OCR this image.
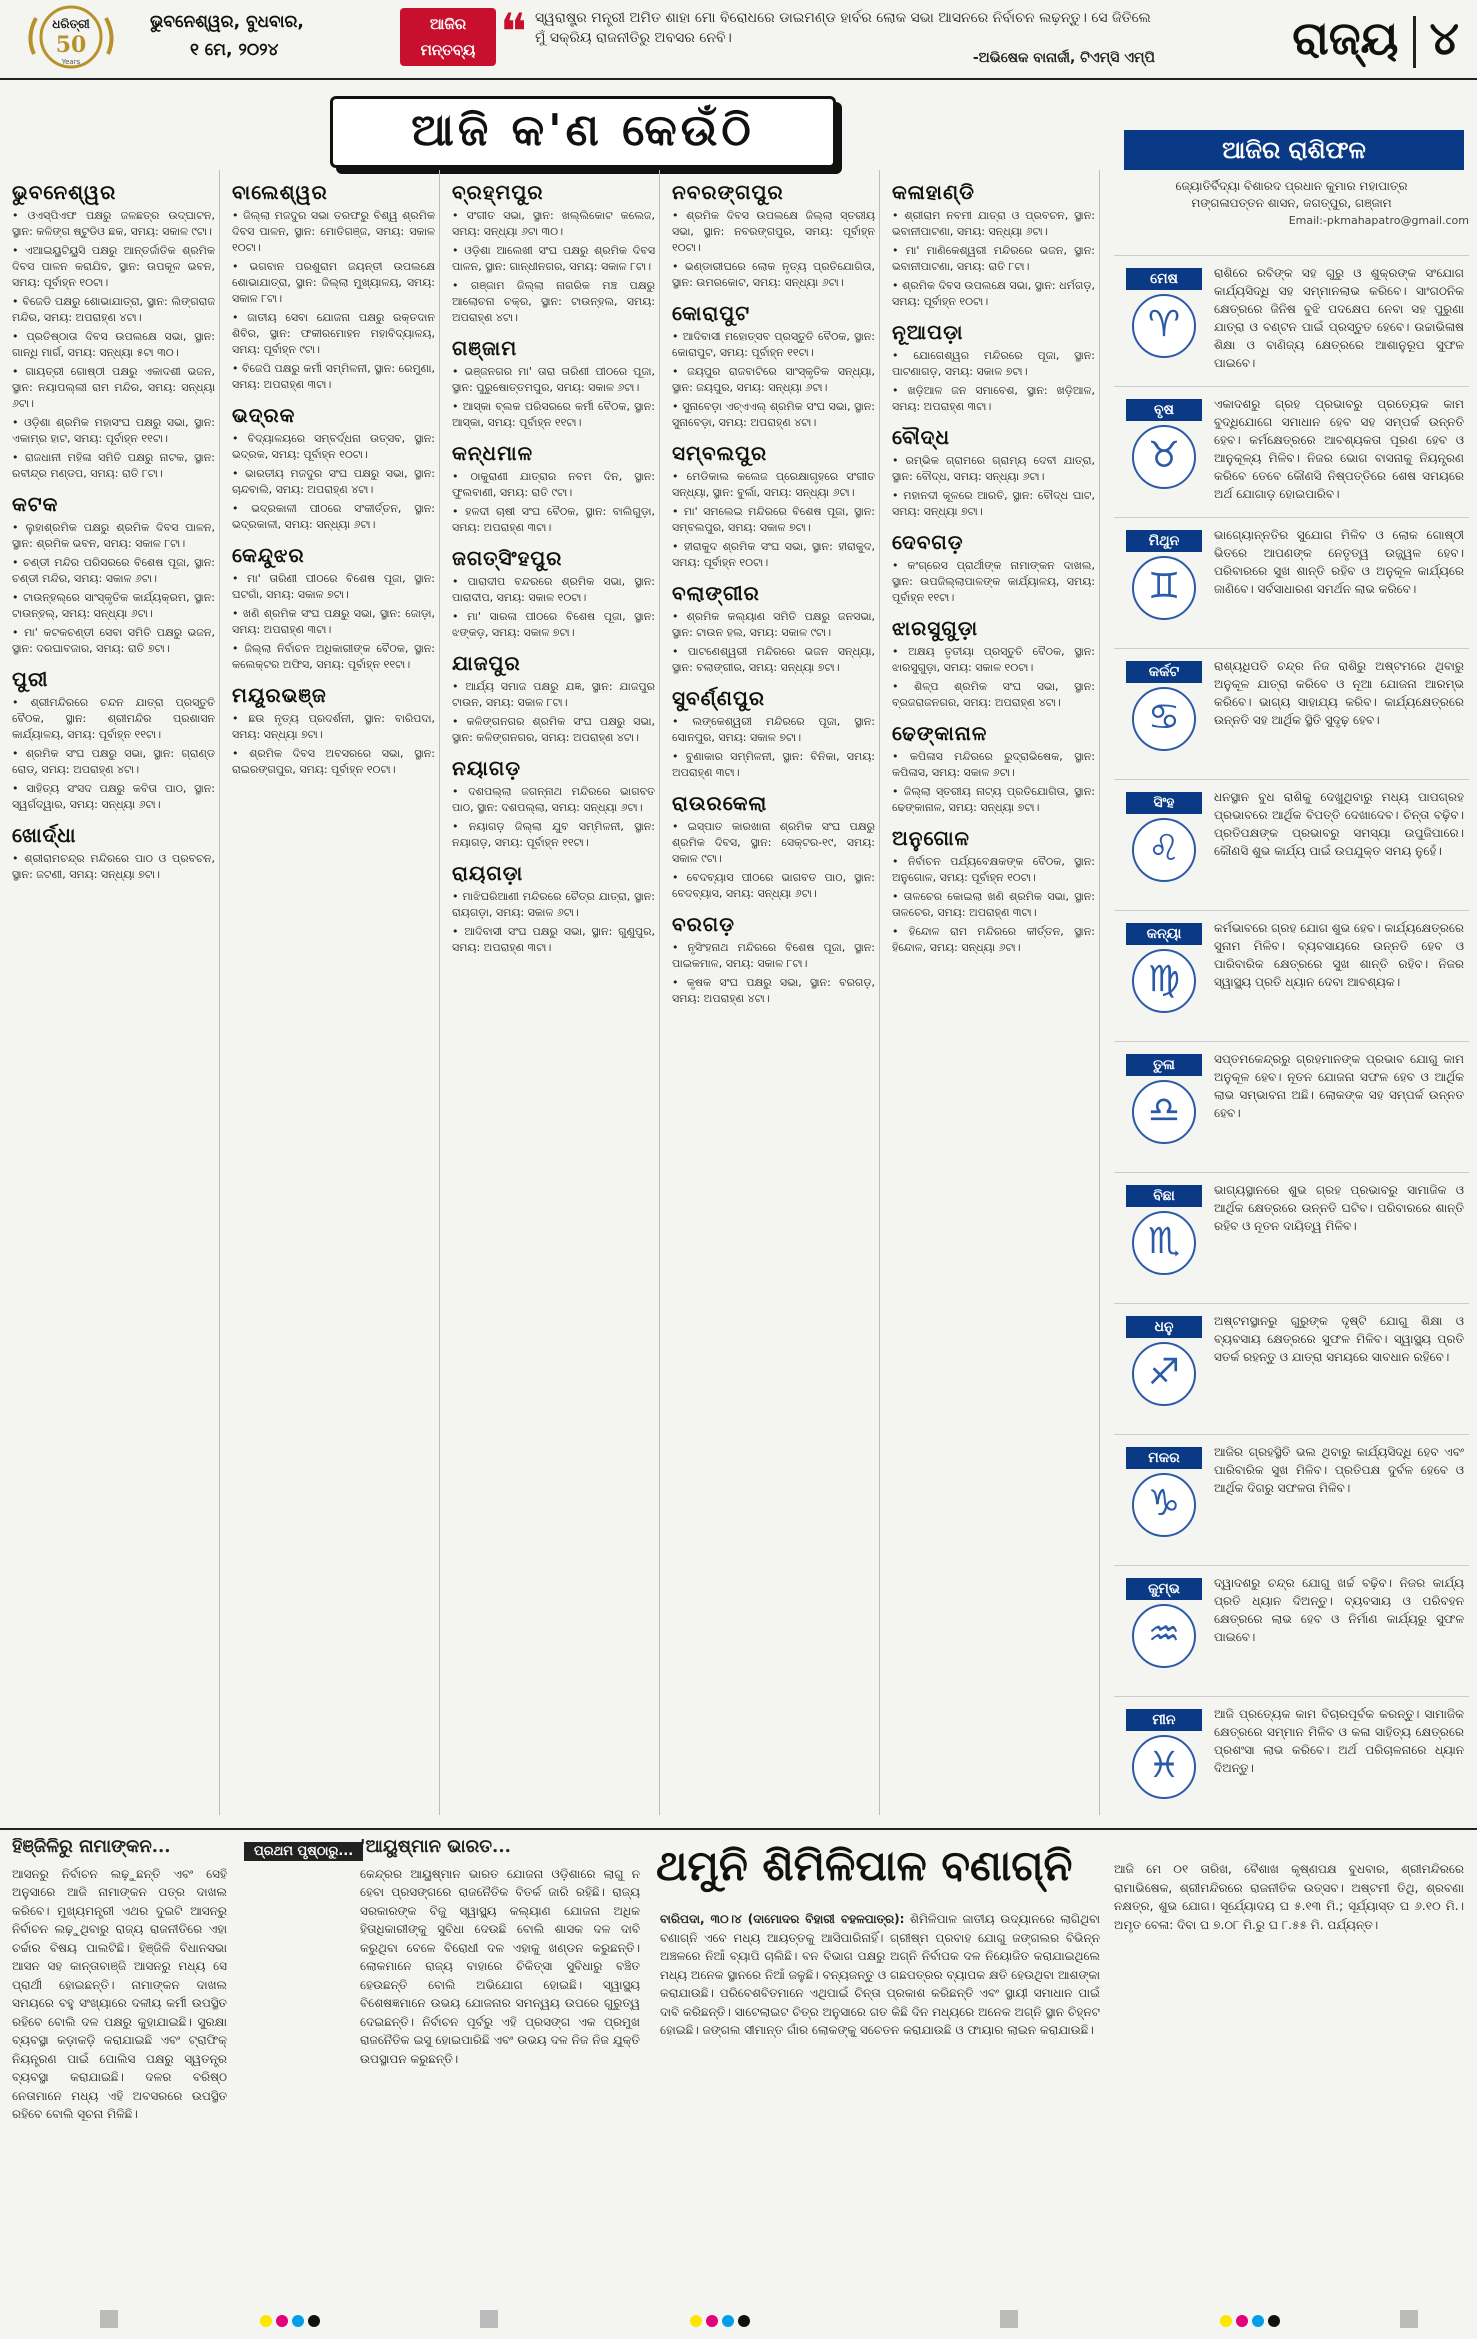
ଧରିତ୍ରୀ
50
Years
ଭୁବନେଶ୍ୱର, ବୁଧବାର,
୧ ମେ, ୨୦୨୪
ଆଜିର
ମନ୍ତବ୍ୟ ❝ ସ୍ୱରାଷ୍ଟ୍ର ମନ୍ତ୍ରୀ ଅମିତ ଶାହା ମୋ ବିରୋଧରେ ଡାଇମଣ୍ଡ ହାର୍ବର ଲୋକ ସଭା ଆସନରେ ନିର୍ବାଚନ ଲଢ଼ନ୍ତୁ। ସେ ଜିତିଲେ ମୁଁ ସକ୍ରିୟ ରାଜନୀତିରୁ ଅବସର ନେବି।
-ଅଭିଷେକ ବାନାର୍ଜୀ, ଟିଏମ୍‌ସି ଏମ୍‌ପି	ରାଜ୍ୟ ୪
ଆଜି କ'ଣ କେଉଁଠି
ଭୁବନେଶ୍ୱର

• ଓଏସ୍‌ପିଏଫ ପକ୍ଷରୁ ଜଳଛତ୍ର ଉଦ୍‌ଘାଟନ, ସ୍ଥାନ: କଳିଙ୍ଗ ଷ୍ଟୁଡିଓ ଛକ, ସମୟ: ସକାଳ ୯ଟା।

• ଏଆଇୟୁଟିୟୁସି ପକ୍ଷରୁ ଆନ୍ତର୍ଜାତିକ ଶ୍ରମିକ ଦିବସ ପାଳନ କରାଯିବ, ସ୍ଥାନ: ଉପକୂଳ ଭବନ, ସମୟ: ପୂର୍ବାହ୍ନ ୧୦ଟା।

• ବିଜେଡି ପକ୍ଷରୁ ଶୋଭାଯାତ୍ରା, ସ୍ଥାନ: ଲିଙ୍ଗରାଜ ମନ୍ଦିର, ସମୟ: ଅପରାହ୍ଣ ୪ଟା।

• ପ୍ରତିଷ୍ଠାତା ଦିବସ ଉପଲକ୍ଷେ ସଭା, ସ୍ଥାନ: ଗାନ୍ଧି ମାର୍ଗ, ସମୟ: ସନ୍ଧ୍ୟା ୫ଟା ୩୦।

• ଗାୟତ୍ରୀ ଗୋଷ୍ଠୀ ପକ୍ଷରୁ ଏକାଦଶୀ ଭଜନ, ସ୍ଥାନ: ନୟାପଲ୍ଲୀ ରାମ ମନ୍ଦିର, ସମୟ: ସନ୍ଧ୍ୟା ୬ଟା।

• ଓଡ଼ିଶା ଶ୍ରମିକ ମହାସଂଘ ପକ୍ଷରୁ ସଭା, ସ୍ଥାନ: ଏକାମ୍ର ହାଟ, ସମୟ: ପୂର୍ବାହ୍ନ ୧୧ଟା।

• ରାଜଧାନୀ ମହିଳା ସମିତି ପକ୍ଷରୁ ନାଟକ, ସ୍ଥାନ: ରବୀନ୍ଦ୍ର ମଣ୍ଡପ, ସମୟ: ରାତି ୮ଟା।

କଟକ

• ଲୁହାଶ୍ରମିକ ପକ୍ଷରୁ ଶ୍ରମିକ ଦିବସ ପାଳନ, ସ୍ଥାନ: ଶ୍ରମିକ ଭବନ, ସମୟ: ସକାଳ ୮ଟା।

• ଚଣ୍ଡୀ ମନ୍ଦିର ପରିସରରେ ବିଶେଷ ପୂଜା, ସ୍ଥାନ: ଚଣ୍ଡୀ ମନ୍ଦିର, ସମୟ: ସକାଳ ୬ଟା।

• ଟାଉନ୍‌ହଲ୍‌ରେ ସାଂସ୍କୃତିକ କାର୍ଯ୍ୟକ୍ରମ, ସ୍ଥାନ: ଟାଉନ୍‌ହଲ୍, ସମୟ: ସନ୍ଧ୍ୟା ୬ଟା।

• ମା' କଟକଚଣ୍ଡୀ ସେବା ସମିତି ପକ୍ଷରୁ ଭଜନ, ସ୍ଥାନ: ଦରଘାବଜାର, ସମୟ: ରାତି ୭ଟା।

ପୁରୀ

• ଶ୍ରୀମନ୍ଦିରରେ ଚନ୍ଦନ ଯାତ୍ରା ପ୍ରସ୍ତୁତି ବୈଠକ, ସ୍ଥାନ: ଶ୍ରୀମନ୍ଦିର ପ୍ରଶାସନ କାର୍ଯ୍ୟାଳୟ, ସମୟ: ପୂର୍ବାହ୍ନ ୧୧ଟା।

• ଶ୍ରମିକ ସଂଘ ପକ୍ଷରୁ ସଭା, ସ୍ଥାନ: ଗ୍ରାଣ୍ଡ ରୋଡ୍, ସମୟ: ଅପରାହ୍ଣ ୪ଟା।

• ସାହିତ୍ୟ ସଂସଦ ପକ୍ଷରୁ କବିତା ପାଠ, ସ୍ଥାନ: ସ୍ୱର୍ଗଦ୍ୱାର, ସମୟ: ସନ୍ଧ୍ୟା ୬ଟା।

ଖୋର୍ଦ୍ଧା

• ଶ୍ରୀରାମଚନ୍ଦ୍ର ମନ୍ଦିରରେ ପାଠ ଓ ପ୍ରବଚନ, ସ୍ଥାନ: ଜଟଣୀ, ସମୟ: ସନ୍ଧ୍ୟା ୭ଟା।

ବାଲେଶ୍ୱର

• ଜିଲ୍ଲା ମଜଦୁର ସଭା ତରଫରୁ ବିଶ୍ୱ ଶ୍ରମିକ ଦିବସ ପାଳନ, ସ୍ଥାନ: ମୋତିଗଞ୍ଜ, ସମୟ: ସକାଳ ୧୦ଟା।

• ଭଗବାନ ପରଶୁରାମ ଜୟନ୍ତୀ ଉପଲକ୍ଷେ ଶୋଭାଯାତ୍ରା, ସ୍ଥାନ: ଜିଲ୍ଲା ମୁଖ୍ୟାଳୟ, ସମୟ: ସକାଳ ୮ଟା।

• ଜାତୀୟ ସେବା ଯୋଜନା ପକ୍ଷରୁ ରକ୍ତଦାନ ଶିବିର, ସ୍ଥାନ: ଫକୀରମୋହନ ମହାବିଦ୍ୟାଳୟ, ସମୟ: ପୂର୍ବାହ୍ନ ୯ଟା।

• ବିଜେପି ପକ୍ଷରୁ କର୍ମୀ ସମ୍ମିଳନୀ, ସ୍ଥାନ: ରେମୁଣା, ସମୟ: ଅପରାହ୍ଣ ୩ଟା।

ଭଦ୍ରକ

• ବିଦ୍ୟାଳୟରେ ସମ୍ବର୍ଦ୍ଧନା ଉତ୍ସବ, ସ୍ଥାନ: ଭଦ୍ରକ, ସମୟ: ପୂର୍ବାହ୍ନ ୧୦ଟା।

• ଭାରତୀୟ ମଜଦୁର ସଂଘ ପକ୍ଷରୁ ସଭା, ସ୍ଥାନ: ଚାନ୍ଦବାଲି, ସମୟ: ଅପରାହ୍ଣ ୪ଟା।

• ଭଦ୍ରକାଳୀ ପୀଠରେ ସଂକୀର୍ତ୍ତନ, ସ୍ଥାନ: ଭଦ୍ରକାଳୀ, ସମୟ: ସନ୍ଧ୍ୟା ୬ଟା।

କେନ୍ଦୁଝର

• ମା' ତାରିଣୀ ପୀଠରେ ବିଶେଷ ପୂଜା, ସ୍ଥାନ: ଘଟଗାଁ, ସମୟ: ସକାଳ ୭ଟା।

• ଖଣି ଶ୍ରମିକ ସଂଘ ପକ୍ଷରୁ ସଭା, ସ୍ଥାନ: ଜୋଡ଼ା, ସମୟ: ଅପରାହ୍ଣ ୩ଟା।

• ଜିଲ୍ଲା ନିର୍ବାଚନ ଅଧିକାରୀଙ୍କ ବୈଠକ, ସ୍ଥାନ: କଲେକ୍ଟର ଅଫିସ, ସମୟ: ପୂର୍ବାହ୍ନ ୧୧ଟା।

ମୟୂରଭଞ୍ଜ

• ଛଉ ନୃତ୍ୟ ପ୍ରଦର୍ଶନୀ, ସ୍ଥାନ: ବାରିପଦା, ସମୟ: ସନ୍ଧ୍ୟା ୭ଟା।

• ଶ୍ରମିକ ଦିବସ ଅବସରରେ ସଭା, ସ୍ଥାନ: ରାଇରଙ୍ଗପୁର, ସମୟ: ପୂର୍ବାହ୍ନ ୧୦ଟା।

ବ୍ରହ୍ମପୁର

• ସଂଗୀତ ସଭା, ସ୍ଥାନ: ଖଲ୍ଲିକୋଟ କଲେଜ, ସମୟ: ସନ୍ଧ୍ୟା ୬ଟା ୩୦।

• ଓଡ଼ିଶା ଆଲେଖୀ ସଂଘ ପକ୍ଷରୁ ଶ୍ରମିକ ଦିବସ ପାଳନ, ସ୍ଥାନ: ଗାନ୍ଧୀନଗର, ସମୟ: ସକାଳ ୮ଟା।

• ଗଞ୍ଜାମ ଜିଲ୍ଲା ନାଗରିକ ମଞ୍ଚ ପକ୍ଷରୁ ଆଲୋଚନା ଚକ୍ର, ସ୍ଥାନ: ଟାଉନ୍‌ହଲ, ସମୟ: ଅପରାହ୍ଣ ୪ଟା।

ଗଞ୍ଜାମ

• ଭଞ୍ଜନଗର ମା' ତାରା ତାରିଣୀ ପୀଠରେ ପୂଜା, ସ୍ଥାନ: ପୁରୁଷୋତ୍ତମପୁର, ସମୟ: ସକାଳ ୬ଟା।

• ଆସ୍କା ବ୍ଲକ ପରିସରରେ କର୍ମୀ ବୈଠକ, ସ୍ଥାନ: ଆସ୍କା, ସମୟ: ପୂର୍ବାହ୍ନ ୧୧ଟା।

କନ୍ଧମାଳ

• ଠାକୁରାଣୀ ଯାତ୍ରାର ନବମ ଦିନ, ସ୍ଥାନ: ଫୁଲବାଣୀ, ସମୟ: ରାତି ୯ଟା।

• ହଳଦୀ ଚାଷୀ ସଂଘ ବୈଠକ, ସ୍ଥାନ: ବାଲିଗୁଡ଼ା, ସମୟ: ଅପରାହ୍ଣ ୩ଟା।

ଜଗତ୍‌ସିଂହପୁର

• ପାରାଦୀପ ବନ୍ଦରରେ ଶ୍ରମିକ ସଭା, ସ୍ଥାନ: ପାରାଦୀପ, ସମୟ: ସକାଳ ୧୦ଟା।

• ମା' ସାରଳା ପୀଠରେ ବିଶେଷ ପୂଜା, ସ୍ଥାନ: ଝଙ୍କଡ଼, ସମୟ: ସକାଳ ୭ଟା।

ଯାଜପୁର

• ଆର୍ଯ୍ୟ ସମାଜ ପକ୍ଷରୁ ଯଜ୍ଞ, ସ୍ଥାନ: ଯାଜପୁର ଟାଉନ, ସମୟ: ସକାଳ ୮ଟା।

• କଳିଙ୍ଗନଗର ଶ୍ରମିକ ସଂଘ ପକ୍ଷରୁ ସଭା, ସ୍ଥାନ: କଳିଙ୍ଗନଗର, ସମୟ: ଅପରାହ୍ଣ ୪ଟା।

ନୟାଗଡ଼

• ଦଶପଲ୍ଲା ଜଗନ୍ନାଥ ମନ୍ଦିରରେ ଭାଗବତ ପାଠ, ସ୍ଥାନ: ଦଶପଲ୍ଲା, ସମୟ: ସନ୍ଧ୍ୟା ୬ଟା।

• ନୟାଗଡ଼ ଜିଲ୍ଲା ଯୁବ ସମ୍ମିଳନୀ, ସ୍ଥାନ: ନୟାଗଡ଼, ସମୟ: ପୂର୍ବାହ୍ନ ୧୧ଟା।

ରାୟଗଡ଼ା

• ମାଝିଘରିଆଣୀ ମନ୍ଦିରରେ ଚୈତ୍ର ଯାତ୍ରା, ସ୍ଥାନ: ରାୟଗଡ଼ା, ସମୟ: ସକାଳ ୬ଟା।

• ଆଦିବାସୀ ସଂଘ ପକ୍ଷରୁ ସଭା, ସ୍ଥାନ: ଗୁଣୁପୁର, ସମୟ: ଅପରାହ୍ଣ ୩ଟା।

ନବରଙ୍ଗପୁର

• ଶ୍ରମିକ ଦିବସ ଉପଲକ୍ଷେ ଜିଲ୍ଲା ସ୍ତରୀୟ ସଭା, ସ୍ଥାନ: ନବରଙ୍ଗପୁର, ସମୟ: ପୂର୍ବାହ୍ନ ୧୦ଟା।

• ଭଣ୍ଡାରୀଘରେ ଲୋକ ନୃତ୍ୟ ପ୍ରତିଯୋଗିତା, ସ୍ଥାନ: ଉମରକୋଟ, ସମୟ: ସନ୍ଧ୍ୟା ୬ଟା।

କୋରାପୁଟ

• ଆଦିବାସୀ ମହୋତ୍ସବ ପ୍ରସ୍ତୁତି ବୈଠକ, ସ୍ଥାନ: କୋରାପୁଟ, ସମୟ: ପୂର୍ବାହ୍ନ ୧୧ଟା।

• ଜୟପୁର ରାଜବାଟିରେ ସାଂସ୍କୃତିକ ସନ୍ଧ୍ୟା, ସ୍ଥାନ: ଜୟପୁର, ସମୟ: ସନ୍ଧ୍ୟା ୬ଟା।

• ସୁନାବେଡ଼ା ଏଚ୍‌ଏଏଲ୍ ଶ୍ରମିକ ସଂଘ ସଭା, ସ୍ଥାନ: ସୁନାବେଡ଼ା, ସମୟ: ଅପରାହ୍ଣ ୪ଟା।

ସମ୍ବଲପୁର

• ମେଡିକାଲ କଲେଜ ପ୍ରେକ୍ଷାଗୃହରେ ସଂଗୀତ ସନ୍ଧ୍ୟା, ସ୍ଥାନ: ବୁର୍ଲା, ସମୟ: ସନ୍ଧ୍ୟା ୬ଟା।

• ମା' ସମଲେଇ ମନ୍ଦିରରେ ବିଶେଷ ପୂଜା, ସ୍ଥାନ: ସମ୍ବଲପୁର, ସମୟ: ସକାଳ ୭ଟା।

• ହୀରାକୁଦ ଶ୍ରମିକ ସଂଘ ସଭା, ସ୍ଥାନ: ହୀରାକୁଦ, ସମୟ: ପୂର୍ବାହ୍ନ ୧୦ଟା।

ବଲାଙ୍ଗୀର

• ଶ୍ରମିକ କଲ୍ୟାଣ ସମିତି ପକ୍ଷରୁ ଜନସଭା, ସ୍ଥାନ: ଟାଉନ ହଲ, ସମୟ: ସକାଳ ୯ଟା।

• ପାଟଣେଶ୍ୱରୀ ମନ୍ଦିରରେ ଭଜନ ସନ୍ଧ୍ୟା, ସ୍ଥାନ: ବଲାଙ୍ଗୀର, ସମୟ: ସନ୍ଧ୍ୟା ୭ଟା।

ସୁବର୍ଣ୍ଣପୁର

• ଲଙ୍କେଶ୍ୱରୀ ମନ୍ଦିରରେ ପୂଜା, ସ୍ଥାନ: ସୋନପୁର, ସମୟ: ସକାଳ ୭ଟା।

• ବୁଣାକାର ସମ୍ମିଳନୀ, ସ୍ଥାନ: ବିନିକା, ସମୟ: ଅପରାହ୍ଣ ୩ଟା।

ରାଉରକେଲା

• ଇସ୍ପାତ କାରଖାନା ଶ୍ରମିକ ସଂଘ ପକ୍ଷରୁ ଶ୍ରମିକ ଦିବସ, ସ୍ଥାନ: ସେକ୍ଟର-୧୯, ସମୟ: ସକାଳ ୯ଟା।

• ବେଦବ୍ୟାସ ପୀଠରେ ଭାଗବତ ପାଠ, ସ୍ଥାନ: ବେଦବ୍ୟାସ, ସମୟ: ସନ୍ଧ୍ୟା ୬ଟା।

ବରଗଡ଼

• ନୃସିଂହନାଥ ମନ୍ଦିରରେ ବିଶେଷ ପୂଜା, ସ୍ଥାନ: ପାଇକମାଳ, ସମୟ: ସକାଳ ୮ଟା।

• କୃଷକ ସଂଘ ପକ୍ଷରୁ ସଭା, ସ୍ଥାନ: ବରଗଡ଼, ସମୟ: ଅପରାହ୍ଣ ୪ଟା।

କଳାହାଣ୍ଡି

• ଶ୍ରୀରାମ ନବମୀ ଯାତ୍ରା ଓ ପ୍ରବଚନ, ସ୍ଥାନ: ଭବାନୀପାଟଣା, ସମୟ: ସନ୍ଧ୍ୟା ୬ଟା।

• ମା' ମାଣିକେଶ୍ୱରୀ ମନ୍ଦିରରେ ଭଜନ, ସ୍ଥାନ: ଭବାନୀପାଟଣା, ସମୟ: ରାତି ୮ଟା।

• ଶ୍ରମିକ ଦିବସ ଉପଲକ୍ଷେ ସଭା, ସ୍ଥାନ: ଧର୍ମଗଡ଼, ସମୟ: ପୂର୍ବାହ୍ନ ୧୦ଟା।

ନୂଆପଡ଼ା

• ଯୋଗେଶ୍ୱର ମନ୍ଦିରରେ ପୂଜା, ସ୍ଥାନ: ପାଟଣାଗଡ଼, ସମୟ: ସକାଳ ୭ଟା।

• ଖଡ଼ିଆଳ ଜନ ସମାବେଶ, ସ୍ଥାନ: ଖଡ଼ିଆଳ, ସମୟ: ଅପରାହ୍ଣ ୩ଟା।

ବୌଦ୍ଧ

• ରମ୍ଭିକ ଗ୍ରାମରେ ଗ୍ରାମ୍ୟ ଦେବୀ ଯାତ୍ରା, ସ୍ଥାନ: ବୌଦ୍ଧ, ସମୟ: ସନ୍ଧ୍ୟା ୬ଟା।

• ମହାନଦୀ କୂଳରେ ଆରତି, ସ୍ଥାନ: ବୌଦ୍ଧ ଘାଟ, ସମୟ: ସନ୍ଧ୍ୟା ୭ଟା।

ଦେବଗଡ଼

• କଂଗ୍ରେସ ପ୍ରାର୍ଥୀଙ୍କ ନାମାଙ୍କନ ଦାଖଲ, ସ୍ଥାନ: ଉପଜିଲ୍ଲାପାଳଙ୍କ କାର୍ଯ୍ୟାଳୟ, ସମୟ: ପୂର୍ବାହ୍ନ ୧୧ଟା।

ଝାରସୁଗୁଡ଼ା

• ଅକ୍ଷୟ ତୃତୀୟା ପ୍ରସ୍ତୁତି ବୈଠକ, ସ୍ଥାନ: ଝାରସୁଗୁଡ଼ା, ସମୟ: ସକାଳ ୧୦ଟା।

• ଶିଳ୍ପ ଶ୍ରମିକ ସଂଘ ସଭା, ସ୍ଥାନ: ବ୍ରଜରାଜନଗର, ସମୟ: ଅପରାହ୍ଣ ୪ଟା।

ଢେଙ୍କାନାଳ

• କପିଳାସ ମନ୍ଦିରରେ ରୁଦ୍ରାଭିଷେକ, ସ୍ଥାନ: କପିଳାସ, ସମୟ: ସକାଳ ୬ଟା।

• ଜିଲ୍ଲା ସ୍ତରୀୟ ନାଟ୍ୟ ପ୍ରତିଯୋଗିତା, ସ୍ଥାନ: ଢେଙ୍କାନାଳ, ସମୟ: ସନ୍ଧ୍ୟା ୭ଟା।

ଅନୁଗୋଳ

• ନିର୍ବାଚନ ପର୍ଯ୍ୟବେକ୍ଷକଙ୍କ ବୈଠକ, ସ୍ଥାନ: ଅନୁଗୋଳ, ସମୟ: ପୂର୍ବାହ୍ନ ୧୦ଟା।

• ତାଳଚେର କୋଇଲା ଖଣି ଶ୍ରମିକ ସଭା, ସ୍ଥାନ: ତାଳଚେର, ସମୟ: ଅପରାହ୍ଣ ୩ଟା।

• ହିନ୍ଦୋଳ ରାମ ମନ୍ଦିରରେ କୀର୍ତ୍ତନ, ସ୍ଥାନ: ହିନ୍ଦୋଳ, ସମୟ: ସନ୍ଧ୍ୟା ୬ଟା।

ଆଜିର ରାଶିଫଳ
ଜ୍ୟୋତିର୍ବିଦ୍ୟା ବିଶାରଦ ପ୍ରଧାନ କୁମାର ମହାପାତ୍ର
ମଙ୍ଗଳାପତ୍ତନ ଶାସନ, ଜଗତ୍‌ପୁର, ଗଞ୍ଜାମ
Email:-pkmahapatro@gmail.com
ମେଷ
♈
ରାଶିରେ ରବିଙ୍କ ସହ ଗୁରୁ ଓ ଶୁକ୍ରଙ୍କ ସଂଯୋଗ କାର୍ଯ୍ୟସିଦ୍ଧି ସହ ସମ୍ମାନଲାଭ କରିବେ। ସାଂଗଠନିକ କ୍ଷେତ୍ରରେ ଜିନିଷ ବୁଝି ପଦକ୍ଷେପ ନେବା ସହ ପୁରୁଣା ଯାତ୍ରା ଓ ବଣ୍ଟନ ପାଇଁ ପ୍ରସ୍ତୁତ ହେବେ। ଉଚ୍ଚାଭିଳାଷ ଶିକ୍ଷା ଓ ବାଣିଜ୍ୟ କ୍ଷେତ୍ରରେ ଆଶାନୁରୂପ ସୁଫଳ ପାଇବେ।
ବୃଷ
♉
ଏକାଦଶରୁ ଗ୍ରହ ପ୍ରଭାବରୁ ପ୍ରତ୍ୟେକ କାମ ବୁଦ୍ଧିଯୋଗେ ସମାଧାନ ହେବ ସହ ସମ୍ପର୍କ ଉନ୍ନତି ହେବ। କର୍ମକ୍ଷେତ୍ରରେ ଆବଶ୍ୟକତା ପୂରଣ ହେବ ଓ ଆନୁକୂଳ୍ୟ ମିଳିବ। ନିଜର ଭୋଗ ବାସନାକୁ ନିୟନ୍ତ୍ରଣ କରିବେ ତେବେ କୌଣସି ନିଷ୍ପତ୍ତିରେ ଶେଷ ସମୟରେ ଅର୍ଥ ଯୋଗାଡ଼ ହୋଇପାରିବ।
ମିଥୁନ
♊
ଭାଗ୍ୟୋନ୍ନତିର ସୁଯୋଗ ମିଳିବ ଓ ଲୋକ ଗୋଷ୍ଠୀ ଭିତରେ ଆପଣଙ୍କ ନେତୃତ୍ୱ ଉଜ୍ଜ୍ୱଳ ହେବ। ପରିବାରରେ ସୁଖ ଶାନ୍ତି ରହିବ ଓ ଅନୁକୂଳ କାର୍ଯ୍ୟରେ ଜାଣିବେ। ସର୍ବସାଧାରଣ ସମର୍ଥନ ଲାଭ କରିବେ।
କର୍କଟ
♋
ରାଶ୍ୟଧିପତି ଚନ୍ଦ୍ର ନିଜ ରାଶିରୁ ଅଷ୍ଟମରେ ଥିବାରୁ ଅନୁକୂଳ ଯାତ୍ରା କରିବେ ଓ ନୂଆ ଯୋଜନା ଆରମ୍ଭ କରିବେ। ଭାଗ୍ୟ ସାହାଯ୍ୟ କରିବ। କାର୍ଯ୍ୟକ୍ଷେତ୍ରରେ ଉନ୍ନତି ସହ ଆର୍ଥିକ ସ୍ଥିତି ସୁଦୃଢ଼ ହେବ।
ସିଂହ
♌
ଧନସ୍ଥାନ ବୁଧ ରାଶିକୁ ଦେଖୁଥିବାରୁ ମଧ୍ୟ ପାପଗ୍ରହ ପ୍ରଭାବରେ ଆର୍ଥିକ ବିପତ୍ତି ଦେଖାଦେବ। ଚିନ୍ତା ବଢ଼ିବ। ପ୍ରତିପକ୍ଷଙ୍କ ପ୍ରଭାବରୁ ସମସ୍ୟା ଉପୁଜିପାରେ। କୌଣସି ଶୁଭ କାର୍ଯ୍ୟ ପାଇଁ ଉପଯୁକ୍ତ ସମୟ ନୁହେଁ।
କନ୍ୟା
♍
କର୍ମଭାବରେ ଗ୍ରହ ଯୋଗ ଶୁଭ ହେବ। କାର୍ଯ୍ୟକ୍ଷେତ୍ରରେ ସୁନାମ ମିଳିବ। ବ୍ୟବସାୟରେ ଉନ୍ନତି ହେବ ଓ ପାରିବାରିକ କ୍ଷେତ୍ରରେ ସୁଖ ଶାନ୍ତି ରହିବ। ନିଜର ସ୍ୱାସ୍ଥ୍ୟ ପ୍ରତି ଧ୍ୟାନ ଦେବା ଆବଶ୍ୟକ।
ତୁଳା
♎
ସପ୍ତମକେନ୍ଦ୍ରରୁ ଗ୍ରହମାନଙ୍କ ପ୍ରଭାବ ଯୋଗୁ କାମ ଅନୁକୂଳ ହେବ। ନୂତନ ଯୋଜନା ସଫଳ ହେବ ଓ ଆର୍ଥିକ ଲାଭ ସମ୍ଭାବନା ଅଛି। ଲୋକଙ୍କ ସହ ସମ୍ପର୍କ ଉନ୍ନତ ହେବ।
ବିଛା
♏
ଭାଗ୍ୟସ୍ଥାନରେ ଶୁଭ ଗ୍ରହ ପ୍ରଭାବରୁ ସାମାଜିକ ଓ ଆର୍ଥିକ କ୍ଷେତ୍ରରେ ଉନ୍ନତି ଘଟିବ। ପରିବାରରେ ଶାନ୍ତି ରହିବ ଓ ନୂତନ ଦାୟିତ୍ୱ ମିଳିବ।
ଧନୁ
♐
ଅଷ୍ଟମସ୍ଥାନରୁ ଗୁରୁଙ୍କ ଦୃଷ୍ଟି ଯୋଗୁ ଶିକ୍ଷା ଓ ବ୍ୟବସାୟ କ୍ଷେତ୍ରରେ ସୁଫଳ ମିଳିବ। ସ୍ୱାସ୍ଥ୍ୟ ପ୍ରତି ସତର୍କ ରହନ୍ତୁ ଓ ଯାତ୍ରା ସମୟରେ ସାବଧାନ ରହିବେ।
ମକର
♑
ଆଜିର ଗ୍ରହସ୍ଥିତି ଭଲ ଥିବାରୁ କାର୍ଯ୍ୟସିଦ୍ଧି ହେବ ଏବଂ ପାରିବାରିକ ସୁଖ ମିଳିବ। ପ୍ରତିପକ୍ଷ ଦୁର୍ବଳ ହେବେ ଓ ଆର୍ଥିକ ଦିଗରୁ ସଫଳତା ମିଳିବ।
କୁମ୍ଭ
♒
ଦ୍ୱାଦଶରୁ ଚନ୍ଦ୍ର ଯୋଗୁ ଖର୍ଚ୍ଚ ବଢ଼ିବ। ନିଜର କାର୍ଯ୍ୟ ପ୍ରତି ଧ୍ୟାନ ଦିଅନ୍ତୁ। ବ୍ୟବସାୟ ଓ ପରିବହନ କ୍ଷେତ୍ରରେ ଲାଭ ହେବ ଓ ନିର୍ମାଣ କାର୍ଯ୍ୟରୁ ସୁଫଳ ପାଇବେ।
ମୀନ
♓
ଆଜି ପ୍ରତ୍ୟେକ କାମ ବିଚାରପୂର୍ବକ କରନ୍ତୁ। ସାମାଜିକ କ୍ଷେତ୍ରରେ ସମ୍ମାନ ମିଳିବ ଓ କଳା ସାହିତ୍ୟ କ୍ଷେତ୍ରରେ ପ୍ରଶଂସା ଲାଭ କରିବେ। ଅର୍ଥ ପରିଚାଳନାରେ ଧ୍ୟାନ ଦିଅନ୍ତୁ।
ହିଞ୍ଜିଳିରୁ ନାମାଙ୍କନ...

ଆସନରୁ ନିର୍ବାଚନ ଲଢ଼ୁଛନ୍ତି ଏବଂ ସେହି ଅନୁସାରେ ଆଜି ନାମାଙ୍କନ ପତ୍ର ଦାଖଲ କରିବେ। ମୁଖ୍ୟମନ୍ତ୍ରୀ ଏଥର ଦୁଇଟି ଆସନରୁ ନିର୍ବାଚନ ଲଢ଼ୁଥିବାରୁ ରାଜ୍ୟ ରାଜନୀତିରେ ଏହା ଚର୍ଚ୍ଚାର ବିଷୟ ପାଲଟିଛି। ହିଞ୍ଜିଳି ବିଧାନସଭା ଆସନ ସହ କାନ୍ତାବାଞ୍ଜି ଆସନରୁ ମଧ୍ୟ ସେ ପ୍ରାର୍ଥୀ ହୋଇଛନ୍ତି। ନାମାଙ୍କନ ଦାଖଲ ସମୟରେ ବହୁ ସଂଖ୍ୟାରେ ଦଳୀୟ କର୍ମୀ ଉପସ୍ଥିତ ରହିବେ ବୋଲି ଦଳ ପକ୍ଷରୁ କୁହାଯାଇଛି। ସୁରକ୍ଷା ବ୍ୟବସ୍ଥା କଡ଼ାକଡ଼ି କରାଯାଇଛି ଏବଂ ଟ୍ରାଫିକ୍ ନିୟନ୍ତ୍ରଣ ପାଇଁ ପୋଲିସ ପକ୍ଷରୁ ସ୍ୱତନ୍ତ୍ର ବ୍ୟବସ୍ଥା କରାଯାଇଛି। ଦଳର ବରିଷ୍ଠ ନେତାମାନେ ମଧ୍ୟ ଏହି ଅବସରରେ ଉପସ୍ଥିତ ରହିବେ ବୋଲି ସୂଚନା ମିଳିଛି।

ପ୍ରଥମ ପୃଷ୍ଠାରୁ... 'ଆୟୁଷ୍ମାନ ଭାରତ...

କେନ୍ଦ୍ରର ଆୟୁଷ୍ମାନ ଭାରତ ଯୋଜନା ଓଡ଼ିଶାରେ ଲାଗୁ ନ ହେବା ପ୍ରସଙ୍ଗରେ ରାଜନୈତିକ ବିତର୍କ ଜାରି ରହିଛି। ରାଜ୍ୟ ସରକାରଙ୍କ ବିଜୁ ସ୍ୱାସ୍ଥ୍ୟ କଲ୍ୟାଣ ଯୋଜନା ଅଧିକ ହିତାଧିକାରୀଙ୍କୁ ସୁବିଧା ଦେଉଛି ବୋଲି ଶାସକ ଦଳ ଦାବି କରୁଥିବା ବେଳେ ବିରୋଧୀ ଦଳ ଏହାକୁ ଖଣ୍ଡନ କରୁଛନ୍ତି। ଲୋକମାନେ ରାଜ୍ୟ ବାହାରେ ଚିକିତ୍ସା ସୁବିଧାରୁ ବଞ୍ଚିତ ହେଉଛନ୍ତି ବୋଲି ଅଭିଯୋଗ ହୋଇଛି। ସ୍ୱାସ୍ଥ୍ୟ ବିଶେଷଜ୍ଞମାନେ ଉଭୟ ଯୋଜନାର ସମନ୍ୱୟ ଉପରେ ଗୁରୁତ୍ୱ ଦେଇଛନ୍ତି। ନିର୍ବାଚନ ପୂର୍ବରୁ ଏହି ପ୍ରସଙ୍ଗ ଏକ ପ୍ରମୁଖ ରାଜନୈତିକ ଇସୁ ହୋଇପାରିଛି ଏବଂ ଉଭୟ ଦଳ ନିଜ ନିଜ ଯୁକ୍ତି ଉପସ୍ଥାପନ କରୁଛନ୍ତି।

ଥମୁନି ଶିମିଳିପାଳ ବଣାଗ୍ନି

ବାରିପଦା, ୩୦।୪ (ଦାମୋଦର ବିହାରୀ ବହଳପାତ୍ର): ଶିମିଳିପାଳ ଜାତୀୟ ଉଦ୍ୟାନରେ ଲାଗିଥିବା ବଣାଗ୍ନି ଏବେ ମଧ୍ୟ ଆୟତ୍ତକୁ ଆସିପାରିନାହିଁ। ଗ୍ରୀଷ୍ମ ପ୍ରବାହ ଯୋଗୁ ଜଙ୍ଗଲର ବିଭିନ୍ନ ଅଞ୍ଚଳରେ ନିଆଁ ବ୍ୟାପି ଚାଲିଛି। ବନ ବିଭାଗ ପକ୍ଷରୁ ଅଗ୍ନି ନିର୍ବାପକ ଦଳ ନିୟୋଜିତ କରାଯାଇଥିଲେ ମଧ୍ୟ ଅନେକ ସ୍ଥାନରେ ନିଆଁ ଜଳୁଛି। ବନ୍ୟଜନ୍ତୁ ଓ ଗଛପତ୍ରର ବ୍ୟାପକ କ୍ଷତି ହେଉଥିବା ଆଶଙ୍କା କରାଯାଉଛି। ପରିବେଶବିତମାନେ ଏଥିପାଇଁ ଚିନ୍ତା ପ୍ରକାଶ କରିଛନ୍ତି ଏବଂ ସ୍ଥାୟୀ ସମାଧାନ ପାଇଁ ଦାବି କରିଛନ୍ତି। ସାଟେଲାଇଟ ଚିତ୍ର ଅନୁସାରେ ଗତ କିଛି ଦିନ ମଧ୍ୟରେ ଅନେକ ଅଗ୍ନି ସ୍ଥାନ ଚିହ୍ନଟ ହୋଇଛି। ଜଙ୍ଗଲ ସୀମାନ୍ତ ଗାଁର ଲୋକଙ୍କୁ ସଚେତନ କରାଯାଉଛି ଓ ଫାୟାର ଲାଇନ କରାଯାଉଛି।

ଆଜି ମେ ୦୧ ତାରିଖ, ବୈଶାଖ କୃଷ୍ଣପକ୍ଷ ବୁଧବାର, ଶ୍ରୀମନ୍ଦିରରେ ରାମାଭିଷେକ, ଶ୍ରୀମନ୍ଦିରରେ ରାଜନୀତିକ ଉତ୍ସବ। ଅଷ୍ଟମୀ ତିଥି, ଶ୍ରବଣା ନକ୍ଷତ୍ର, ଶୁଭ ଯୋଗ। ସୂର୍ଯ୍ୟୋଦୟ ଘ ୫.୧୩ ମି.; ସୂର୍ଯ୍ୟାସ୍ତ ଘ ୬.୧୦ ମି.। ଅମୃତ ବେଳା: ଦିବା ଘ ୭.୦୮ ମି.ରୁ ଘ ୮.୫୫ ମି. ପର୍ଯ୍ୟନ୍ତ।
